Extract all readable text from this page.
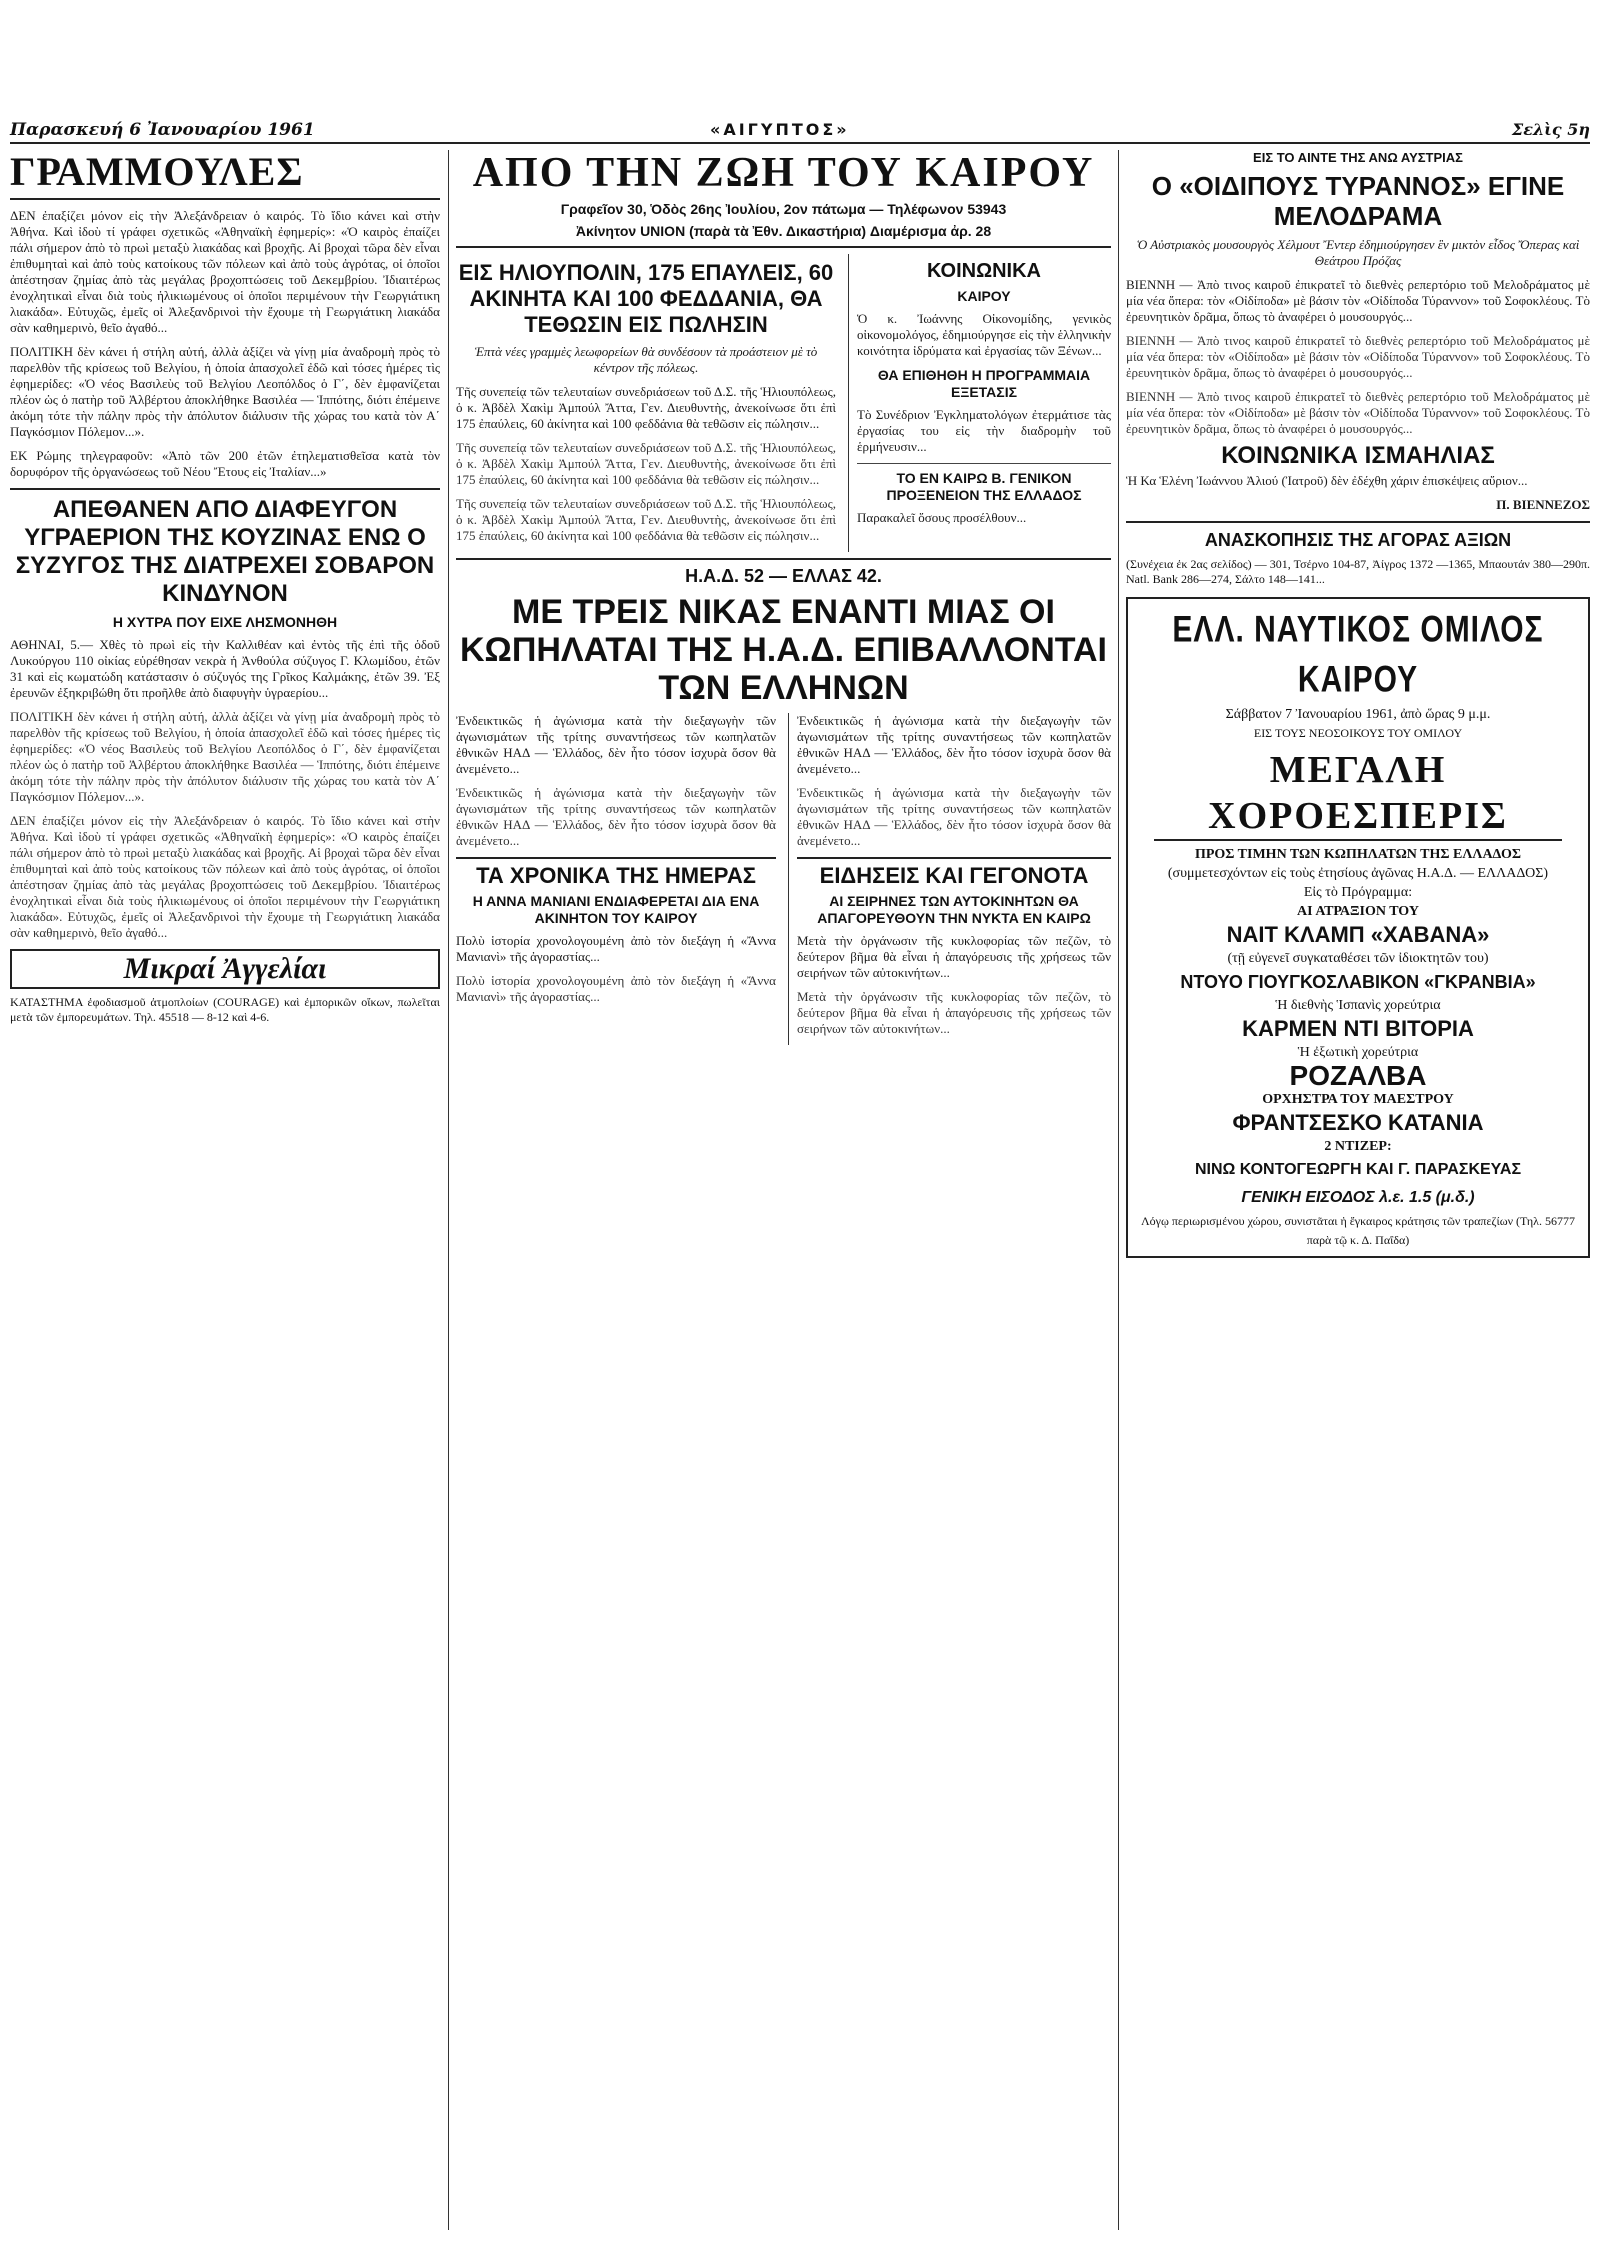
Παρασκευή 6 Ἰανουαρίου 1961	«ΑΙΓΥΠΤΟΣ»	Σελὶς 5η
ΓΡΑΜΜΟΥΛΕΣ

ΔΕΝ ἐπαξίζει μόνον εἰς τὴν Ἀλεξάνδρειαν ὁ καιρός. Τὸ ἴδιο κάνει καὶ στὴν Ἀθήνα. Καὶ ἰδοὺ τί γράφει σχετικῶς «Ἀθηναϊκὴ ἐφημερίς»: «Ὁ καιρὸς ἐπαίζει πάλι σήμερον ἀπὸ τὸ πρωὶ μεταξὺ λιακάδας καὶ βροχῆς. Αἱ βροχαὶ τῶρα δὲν εἶναι ἐπιθυμηταὶ καὶ ἀπὸ τοὺς κατοίκους τῶν πόλεων καὶ ἀπὸ τοὺς ἀγρότας, οἱ ὁποῖοι ἀπέστησαν ζημίας ἀπὸ τὰς μεγάλας βροχοπτώσεις τοῦ Δεκεμβρίου. Ἰδιαιτέρως ἐνοχλητικαὶ εἶναι διὰ τοὺς ἡλικιωμένους οἱ ὁποῖοι περιμένουν τὴν Γεωργιάτικη λιακάδα». Εὐτυχῶς, ἐμεῖς οἱ Ἀλεξανδρινοὶ τὴν ἔχουμε τὴ Γεωργιάτικη λιακάδα σὰν καθημερινὸ, θεῖο ἀγαθό...

ΠΟΛΙΤΙΚΗ δὲν κάνει ἡ στήλη αὐτή, ἀλλὰ ἀξίζει νὰ γίνῃ μία ἀναδρομὴ πρὸς τὸ παρελθὸν τῆς κρίσεως τοῦ Βελγίου, ἡ ὁποία ἀπασχολεῖ ἐδῶ καὶ τόσες ἡμέρες τὶς ἐφημερίδες: «Ὁ νέος Βασιλεὺς τοῦ Βελγίου Λεοπόλδος ὁ Γ΄, δὲν ἐμφανίζεται πλέον ὡς ὁ πατὴρ τοῦ Ἀλβέρτου ἀποκλήθηκε Βασιλέα — Ἱππότης, διότι ἐπέμεινε ἀκόμη τότε τὴν πάλην πρὸς τὴν ἀπόλυτον διάλυσιν τῆς χώρας του κατὰ τὸν Α΄ Παγκόσμιον Πόλεμον...».

ΕΚ Ρώμης τηλεγραφοῦν: «Ἀπὸ τῶν 200 ἐτῶν ἐτηλεματισθεῖσα κατὰ τὸν δορυφόρον τῆς ὀργανώσεως τοῦ Νέου Ἔτους εἰς Ἰταλίαν...»

ΑΠΕΘΑΝΕΝ ΑΠΟ ΔΙΑΦΕΥΓΟΝ ΥΓΡΑΕΡΙΟΝ ΤΗΣ ΚΟΥΖΙΝΑΣ ΕΝΩ Ο ΣΥΖΥΓΟΣ ΤΗΣ ΔΙΑΤΡΕΧΕΙ ΣΟΒΑΡΟΝ ΚΙΝΔΥΝΟΝ
Η ΧΥΤΡΑ ΠΟΥ ΕΙΧΕ ΛΗΣΜΟΝΗΘΗ

ΑΘΗΝΑΙ, 5.— Χθὲς τὸ πρωὶ εἰς τὴν Καλλιθέαν καὶ ἐντὸς τῆς ἐπὶ τῆς ὁδοῦ Λυκούργου 110 οἰκίας εὑρέθησαν νεκρὰ ἡ Ἀνθούλα σύζυγος Γ. Κλωμίδου, ἐτῶν 31 καὶ εἰς κωματώδη κατάστασιν ὁ σύζυγός της Γρῖκος Καλμάκης, ἐτῶν 39. Ἐξ ἐρευνῶν ἐξηκριβώθη ὅτι προῆλθε ἀπὸ διαφυγὴν ὑγραερίου...

ΠΟΛΙΤΙΚΗ δὲν κάνει ἡ στήλη αὐτή, ἀλλὰ ἀξίζει νὰ γίνῃ μία ἀναδρομὴ πρὸς τὸ παρελθὸν τῆς κρίσεως τοῦ Βελγίου, ἡ ὁποία ἀπασχολεῖ ἐδῶ καὶ τόσες ἡμέρες τὶς ἐφημερίδες: «Ὁ νέος Βασιλεὺς τοῦ Βελγίου Λεοπόλδος ὁ Γ΄, δὲν ἐμφανίζεται πλέον ὡς ὁ πατὴρ τοῦ Ἀλβέρτου ἀποκλήθηκε Βασιλέα — Ἱππότης, διότι ἐπέμεινε ἀκόμη τότε τὴν πάλην πρὸς τὴν ἀπόλυτον διάλυσιν τῆς χώρας του κατὰ τὸν Α΄ Παγκόσμιον Πόλεμον...».

ΔΕΝ ἐπαξίζει μόνον εἰς τὴν Ἀλεξάνδρειαν ὁ καιρός. Τὸ ἴδιο κάνει καὶ στὴν Ἀθήνα. Καὶ ἰδοὺ τί γράφει σχετικῶς «Ἀθηναϊκὴ ἐφημερίς»: «Ὁ καιρὸς ἐπαίζει πάλι σήμερον ἀπὸ τὸ πρωὶ μεταξὺ λιακάδας καὶ βροχῆς. Αἱ βροχαὶ τῶρα δὲν εἶναι ἐπιθυμηταὶ καὶ ἀπὸ τοὺς κατοίκους τῶν πόλεων καὶ ἀπὸ τοὺς ἀγρότας, οἱ ὁποῖοι ἀπέστησαν ζημίας ἀπὸ τὰς μεγάλας βροχοπτώσεις τοῦ Δεκεμβρίου. Ἰδιαιτέρως ἐνοχλητικαὶ εἶναι διὰ τοὺς ἡλικιωμένους οἱ ὁποῖοι περιμένουν τὴν Γεωργιάτικη λιακάδα». Εὐτυχῶς, ἐμεῖς οἱ Ἀλεξανδρινοὶ τὴν ἔχουμε τὴ Γεωργιάτικη λιακάδα σὰν καθημερινὸ, θεῖο ἀγαθό...

Μικραί Ἀγγελίαι

ΚΑΤΑΣΤΗΜΑ ἐφοδιασμοῦ ἀτμοπλοίων (COURAGE) καὶ ἐμπορικῶν οἴκων, πωλεῖται μετὰ τῶν ἐμπορευμάτων. Τηλ. 45518 — 8-12 καὶ 4-6.

ΑΠΟ ΤΗΝ ΖΩΗ ΤΟΥ ΚΑΙΡΟΥ
Γραφεῖον 30, Ὁδὸς 26ης Ἰουλίου, 2ον πάτωμα — Τηλέφωνον 53943
Ἀκίνητον UNION (παρὰ τὰ Ἐθν. Δικαστήρια) Διαμέρισμα ἀρ. 28
ΕΙΣ ΗΛΙΟΥΠΟΛΙΝ, 175 ΕΠΑΥΛΕΙΣ, 60 ΑΚΙΝΗΤΑ ΚΑΙ 100 ΦΕΔΔΑΝΙΑ, ΘΑ ΤΕΘΩΣΙΝ ΕΙΣ ΠΩΛΗΣΙΝ

Ἑπτὰ νέες γραμμὲς λεωφορείων θὰ συνδέσουν τὰ προάστειον μὲ τὸ κέντρον τῆς πόλεως.

Τῆς συνεπείᾳ τῶν τελευταίων συνεδριάσεων τοῦ Δ.Σ. τῆς Ἡλιουπόλεως, ὁ κ. Ἀβδὲλ Χακὶμ Ἀμπούλ Ἄττα, Γεν. Διευθυντὴς, ἀνεκοίνωσε ὅτι ἐπὶ 175 ἐπαύλεις, 60 ἀκίνητα καὶ 100 φεδδάνια θὰ τεθῶσιν εἰς πώλησιν...

Τῆς συνεπείᾳ τῶν τελευταίων συνεδριάσεων τοῦ Δ.Σ. τῆς Ἡλιουπόλεως, ὁ κ. Ἀβδὲλ Χακὶμ Ἀμπούλ Ἄττα, Γεν. Διευθυντὴς, ἀνεκοίνωσε ὅτι ἐπὶ 175 ἐπαύλεις, 60 ἀκίνητα καὶ 100 φεδδάνια θὰ τεθῶσιν εἰς πώλησιν...

Τῆς συνεπείᾳ τῶν τελευταίων συνεδριάσεων τοῦ Δ.Σ. τῆς Ἡλιουπόλεως, ὁ κ. Ἀβδὲλ Χακὶμ Ἀμπούλ Ἄττα, Γεν. Διευθυντὴς, ἀνεκοίνωσε ὅτι ἐπὶ 175 ἐπαύλεις, 60 ἀκίνητα καὶ 100 φεδδάνια θὰ τεθῶσιν εἰς πώλησιν...

ΚΟΙΝΩΝΙΚΑ
ΚΑΙΡΟΥ

Ὁ κ. Ἰωάννης Οἰκονομίδης, γενικὸς οἰκονομολόγος, ἐδημιούργησε εἰς τὴν ἑλληνικὴν κοινότητα ἰδρύματα καὶ ἐργασίας τῶν Ξένων...

ΘΑ ΕΠΙΘΗΘΗ Η ΠΡΟΓΡΑΜΜΑΙΑ ΕΞΕΤΑΣΙΣ

Τὸ Συνέδριον Ἐγκληματολόγων ἐτερμάτισε τὰς ἐργασίας του εἰς τὴν διαδρομὴν τοῦ ἑρμήνευσιν...

ΤΟ ΕΝ ΚΑΙΡΩ Β. ΓΕΝΙΚΟΝ ΠΡΟΞΕΝΕΙΟΝ ΤΗΣ ΕΛΛΑΔΟΣ

Παρακαλεῖ ὅσους προσέλθουν...

Η.Α.Δ. 52 — ΕΛΛΑΣ 42.
ΜΕ ΤΡΕΙΣ ΝΙΚΑΣ ΕΝΑΝΤΙ ΜΙΑΣ ΟΙ ΚΩΠΗΛΑΤΑΙ ΤΗΣ Η.Α.Δ. ΕΠΙΒΑΛΛΟΝΤΑΙ ΤΩΝ ΕΛΛΗΝΩΝ

Ἐνδεικτικῶς ἡ ἀγώνισμα κατὰ τὴν διεξαγωγὴν τῶν ἀγωνισμάτων τῆς τρίτης συναντήσεως τῶν κωπηλατῶν ἐθνικῶν ΗΑΔ — Ἑλλάδος, δὲν ἦτο τόσον ἰσχυρὰ ὅσον θὰ ἀνεμένετο...

Ἐνδεικτικῶς ἡ ἀγώνισμα κατὰ τὴν διεξαγωγὴν τῶν ἀγωνισμάτων τῆς τρίτης συναντήσεως τῶν κωπηλατῶν ἐθνικῶν ΗΑΔ — Ἑλλάδος, δὲν ἦτο τόσον ἰσχυρὰ ὅσον θὰ ἀνεμένετο...

ΤΑ ΧΡΟΝΙΚΑ ΤΗΣ ΗΜΕΡΑΣ
Η ΑΝΝΑ ΜΑΝΙΑΝΙ ΕΝΔΙΑΦΕΡΕΤΑΙ ΔΙΑ ΕΝΑ ΑΚΙΝΗΤΟΝ ΤΟΥ ΚΑΙΡΟΥ

Πολὺ ἱστορία χρονολογουμένη ἀπὸ τὸν διεξάγη ἡ «Ἄννα Μανιανὶ» τῆς ἀγοραστίας...

Πολὺ ἱστορία χρονολογουμένη ἀπὸ τὸν διεξάγη ἡ «Ἄννα Μανιανὶ» τῆς ἀγοραστίας...

Ἐνδεικτικῶς ἡ ἀγώνισμα κατὰ τὴν διεξαγωγὴν τῶν ἀγωνισμάτων τῆς τρίτης συναντήσεως τῶν κωπηλατῶν ἐθνικῶν ΗΑΔ — Ἑλλάδος, δὲν ἦτο τόσον ἰσχυρὰ ὅσον θὰ ἀνεμένετο...

Ἐνδεικτικῶς ἡ ἀγώνισμα κατὰ τὴν διεξαγωγὴν τῶν ἀγωνισμάτων τῆς τρίτης συναντήσεως τῶν κωπηλατῶν ἐθνικῶν ΗΑΔ — Ἑλλάδος, δὲν ἦτο τόσον ἰσχυρὰ ὅσον θὰ ἀνεμένετο...

ΕΙΔΗΣΕΙΣ ΚΑΙ ΓΕΓΟΝΟΤΑ
ΑΙ ΣΕΙΡΗΝΕΣ ΤΩΝ ΑΥΤΟΚΙΝΗΤΩΝ ΘΑ ΑΠΑΓΟΡΕΥΘΟΥΝ ΤΗΝ ΝΥΚΤΑ ΕΝ ΚΑΙΡΩ

Μετὰ τὴν ὀργάνωσιν τῆς κυκλοφορίας τῶν πεζῶν, τὸ δεύτερον βῆμα θὰ εἶναι ἡ ἀπαγόρευσις τῆς χρήσεως τῶν σειρήνων τῶν αὐτοκινήτων...

Μετὰ τὴν ὀργάνωσιν τῆς κυκλοφορίας τῶν πεζῶν, τὸ δεύτερον βῆμα θὰ εἶναι ἡ ἀπαγόρευσις τῆς χρήσεως τῶν σειρήνων τῶν αὐτοκινήτων...

ΕΙΣ ΤΟ ΑΙΝΤΕ ΤΗΣ ΑΝΩ ΑΥΣΤΡΙΑΣ
Ο «ΟΙΔΙΠΟΥΣ ΤΥΡΑΝΝΟΣ» ΕΓΙΝΕ ΜΕΛΟΔΡΑΜΑ

Ὁ Αὐστριακὸς μουσουργὸς Χέλμουτ Ἔντερ ἐδημιούργησεν ἓν μικτὸν εἶδος Ὄπερας καὶ Θεάτρου Πρόζας

ΒΙΕΝΝΗ — Ἀπὸ τινος καιροῦ ἐπικρατεῖ τὸ διεθνὲς ρεπερτόριο τοῦ Μελοδράματος μὲ μία νέα ὄπερα: τὸν «Οἰδίποδα» μὲ βάσιν τὸν «Οἰδίποδα Τύραννον» τοῦ Σοφοκλέους. Τὸ ἐρευνητικὸν δρᾶμα, ὅπως τὸ ἀναφέρει ὁ μουσουργός...

ΒΙΕΝΝΗ — Ἀπὸ τινος καιροῦ ἐπικρατεῖ τὸ διεθνὲς ρεπερτόριο τοῦ Μελοδράματος μὲ μία νέα ὄπερα: τὸν «Οἰδίποδα» μὲ βάσιν τὸν «Οἰδίποδα Τύραννον» τοῦ Σοφοκλέους. Τὸ ἐρευνητικὸν δρᾶμα, ὅπως τὸ ἀναφέρει ὁ μουσουργός...

ΒΙΕΝΝΗ — Ἀπὸ τινος καιροῦ ἐπικρατεῖ τὸ διεθνὲς ρεπερτόριο τοῦ Μελοδράματος μὲ μία νέα ὄπερα: τὸν «Οἰδίποδα» μὲ βάσιν τὸν «Οἰδίποδα Τύραννον» τοῦ Σοφοκλέους. Τὸ ἐρευνητικὸν δρᾶμα, ὅπως τὸ ἀναφέρει ὁ μουσουργός...

ΚΟΙΝΩΝΙΚΑ ΙΣΜΑΗΛΙΑΣ

Ἡ Κα Ἑλένη Ἰωάννου Ἀλιού (Ἰατροῦ) δὲν ἐδέχθη χάριν ἐπισκέψεις αὔριον...

Π. ΒΙΕΝΝΕΖΟΣ

ΑΝΑΣΚΟΠΗΣΙΣ ΤΗΣ ΑΓΟΡΑΣ ΑΞΙΩΝ

(Συνέχεια ἐκ 2ας σελίδος) — 301, Τσέρνο 104-87, Ἀίγρος 1372 —1365, Μπαουτάν 380—290π. Natl. Bank 286—274, Σάλτο 148—141...

ΕΛΛ. ΝΑΥΤΙΚΟΣ ΟΜΙΛΟΣ ΚΑΙΡΟΥ
Σάββατον 7 Ἰανουαρίου 1961, ἀπὸ ὥρας 9 μ.μ.
ΕΙΣ ΤΟΥΣ ΝΕΟΣΟΙΚΟΥΣ ΤΟΥ ΟΜΙΛΟΥ
ΜΕΓΑΛΗ ΧΟΡΟΕΣΠΕΡΙΣ
ΠΡΟΣ ΤΙΜΗΝ ΤΩΝ ΚΩΠΗΛΑΤΩΝ ΤΗΣ ΕΛΛΑΔΟΣ
(συμμετεσχόντων εἰς τοὺς ἐτησίους ἀγῶνας Η.Α.Δ. — ΕΛΛΑΔΟΣ)
Εἰς τὸ Πρόγραμμα:
ΑΙ ΑΤΡΑΞΙΟΝ ΤΟΥ
ΝΑΙΤ ΚΛΑΜΠ «ΧΑΒΑΝΑ»
(τῇ εὐγενεῖ συγκαταθέσει τῶν ἰδιοκτητῶν του)
ΝΤΟΥΟ ΓΙΟΥΓΚΟΣΛΑΒΙΚΟΝ «ΓΚΡΑΝΒΙΑ»
Ἡ διεθνὴς Ἱσπανὶς χορεύτρια
ΚΑΡΜΕΝ ΝΤΙ ΒΙΤΟΡΙΑ
Ἡ ἐξωτικὴ χορεύτρια
ΡΟΖΑΛΒΑ
ΟΡΧΗΣΤΡΑ ΤΟΥ ΜΑΕΣΤΡΟΥ
ΦΡΑΝΤΣΕΣΚΟ ΚΑΤΑΝΙΑ
2 ΝΤΙΖΕΡ:
ΝΙΝΩ ΚΟΝΤΟΓΕΩΡΓΗ ΚΑΙ Γ. ΠΑΡΑΣΚΕΥΑΣ
ΓΕΝΙΚΗ ΕΙΣΟΔΟΣ λ.ε. 1.5 (μ.δ.)
Λόγῳ περιωρισμένου χώρου, συνιστᾶται ἡ ἔγκαιρος κράτησις τῶν τραπεζίων (Τηλ. 56777 παρὰ τῷ κ. Δ. Παΐδα)
